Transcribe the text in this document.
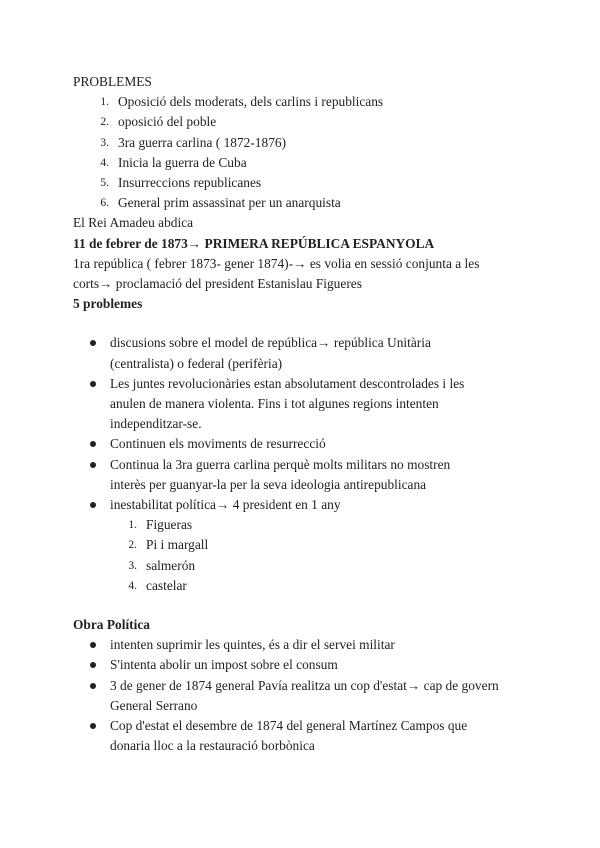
PROBLEMES
1. Oposició dels moderats, dels carlins i republicans
2. oposició del poble
3. 3ra guerra carlina ( 1872-1876)
4. Inicia la guerra de Cuba
5. Insurreccions republicanes
6. General prim assassinat per un anarquista
El Rei Amadeu abdica
11 de febrer de 1873→ PRIMERA REPÚBLICA ESPANYOLA
1ra república ( febrer 1873- gener 1874)-→ es volia en sessió conjunta a les
corts→ proclamació del president Estanislau Figueres
5 problemes
discusions sobre el model de república→ república Unitària
(centralista) o federal (perifèria)
Les juntes revolucionàries estan absolutament descontrolades i les
anulen de manera violenta. Fins i tot algunes regions intenten
independitzar-se.
Continuen els moviments de resurrecció
Continua la 3ra guerra carlina perquè molts militars no mostren
interès per guanyar-la per la seva ideologia antirepublicana
inestabilitat política→ 4 president en 1 any
1. Figueras
2. Pi i margall
3. salmerón
4. castelar
Obra Política
intenten suprimir les quintes, és a dir el servei militar
S'intenta abolir un impost sobre el consum
3 de gener de 1874 general Pavía realitza un cop d'estat→ cap de govern
General Serrano
Cop d'estat el desembre de 1874 del general Martínez Campos que
donaria lloc a la restauració borbònica
